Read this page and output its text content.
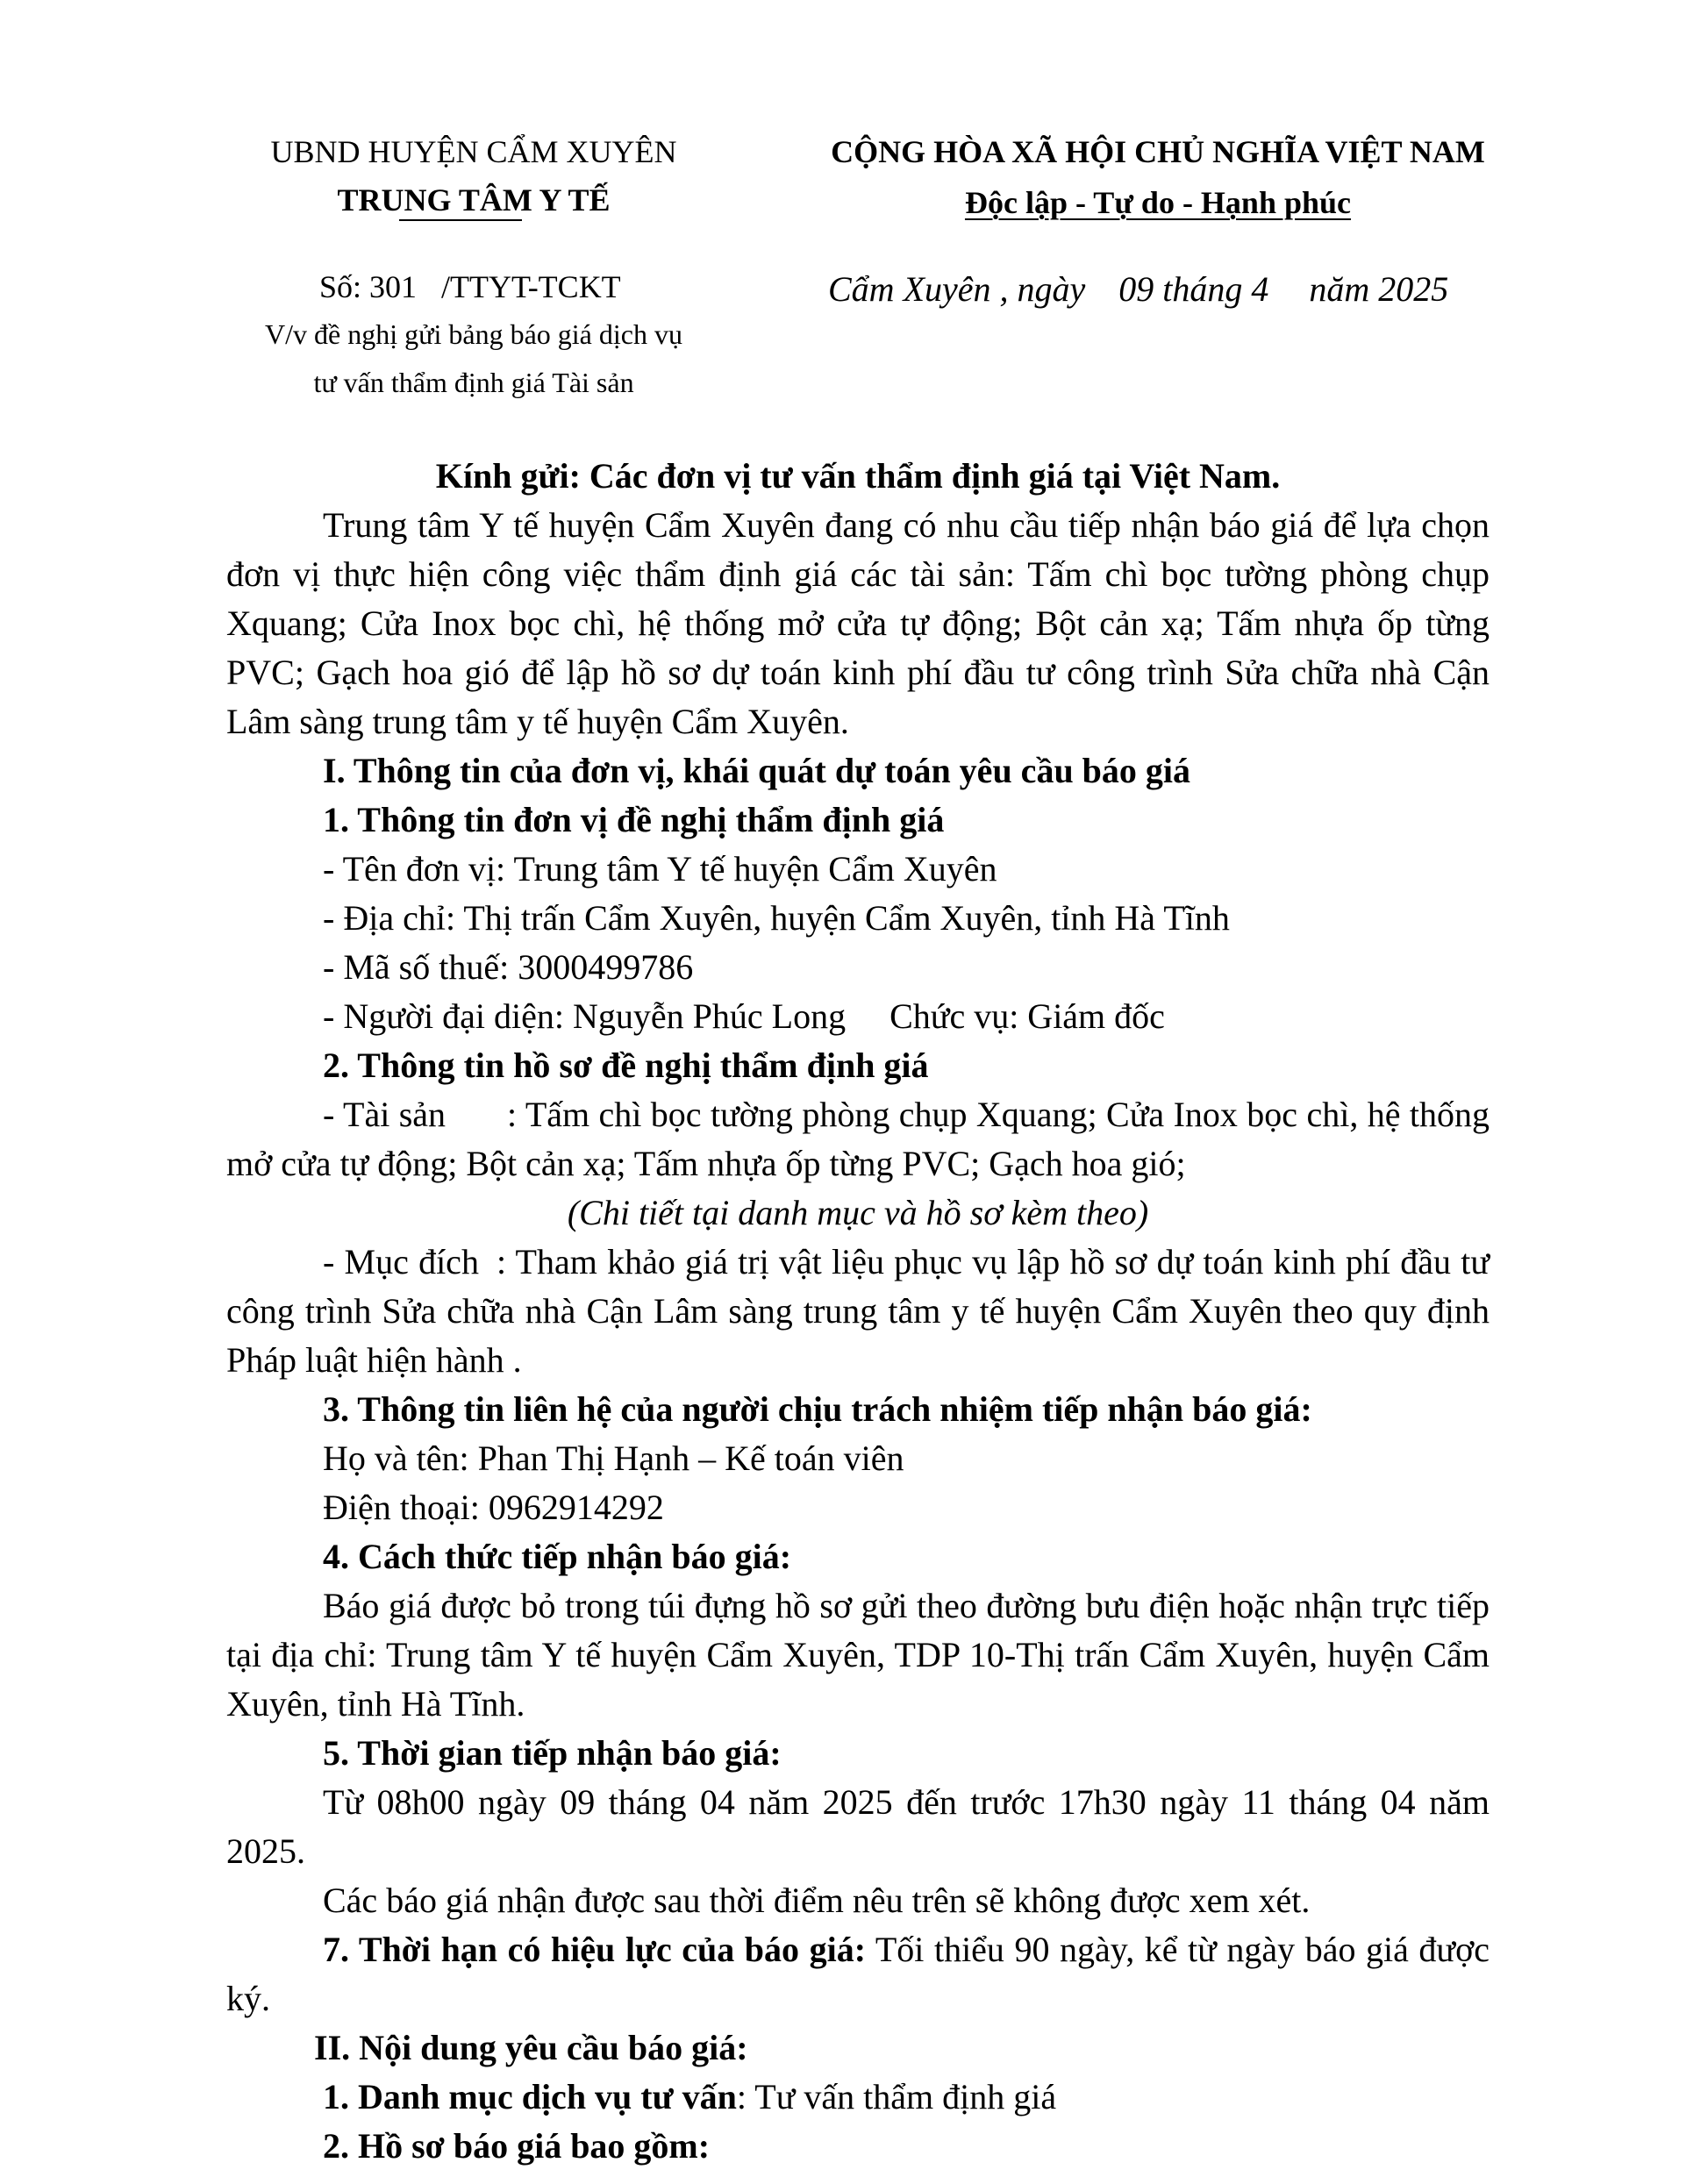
UBND HUYỆN CẨM XUYÊN
TRUNG TÂM Y TẾ
CỘNG HÒA XÃ HỘI CHỦ NGHĨA VIỆT NAM
Độc lập - Tự do - Hạnh phúc
Số: 301 /TTYT-TCKT
V/v đề nghị gửi bảng báo giá dịch vụ
tư vấn thẩm định giá Tài sản
Cẩm Xuyên , ngày 09 tháng 4 năm 2025
Kính gửi: Các đơn vị tư vấn thẩm định giá tại Việt Nam.
Trung tâm Y tế huyện Cẩm Xuyên đang có nhu cầu tiếp nhận báo giá để lựa chọn đơn vị thực hiện công việc thẩm định giá các tài sản: Tấm chì bọc tường phòng chụp Xquang; Cửa Inox bọc chì, hệ thống mở cửa tự động; Bột cản xạ; Tấm nhựa ốp từng PVC; Gạch hoa gió để lập hồ sơ dự toán kinh phí đầu tư công trình Sửa chữa nhà Cận Lâm sàng trung tâm y tế huyện Cẩm Xuyên.
I. Thông tin của đơn vị, khái quát dự toán yêu cầu báo giá
1. Thông tin đơn vị đề nghị thẩm định giá
- Tên đơn vị: Trung tâm Y tế huyện Cẩm Xuyên
- Địa chỉ: Thị trấn Cẩm Xuyên, huyện Cẩm Xuyên, tỉnh Hà Tĩnh
- Mã số thuế: 3000499786
- Người đại diện: Nguyễn Phúc Long Chức vụ: Giám đốc
2. Thông tin hồ sơ đề nghị thẩm định giá
- Tài sản : Tấm chì bọc tường phòng chụp Xquang; Cửa Inox bọc chì, hệ thống mở cửa tự động; Bột cản xạ; Tấm nhựa ốp từng PVC; Gạch hoa gió;
(Chi tiết tại danh mục và hồ sơ kèm theo)
- Mục đích : Tham khảo giá trị vật liệu phục vụ lập hồ sơ dự toán kinh phí đầu tư công trình Sửa chữa nhà Cận Lâm sàng trung tâm y tế huyện Cẩm Xuyên theo quy định Pháp luật hiện hành .
3. Thông tin liên hệ của người chịu trách nhiệm tiếp nhận báo giá:
Họ và tên: Phan Thị Hạnh – Kế toán viên
Điện thoại: 0962914292
4. Cách thức tiếp nhận báo giá:
Báo giá được bỏ trong túi đựng hồ sơ gửi theo đường bưu điện hoặc nhận trực tiếp tại địa chỉ: Trung tâm Y tế huyện Cẩm Xuyên, TDP 10-Thị trấn Cẩm Xuyên, huyện Cẩm Xuyên, tỉnh Hà Tĩnh.
5. Thời gian tiếp nhận báo giá:
Từ 08h00 ngày 09 tháng 04 năm 2025 đến trước 17h30 ngày 11 tháng 04 năm 2025.
Các báo giá nhận được sau thời điểm nêu trên sẽ không được xem xét.
7. Thời hạn có hiệu lực của báo giá: Tối thiểu 90 ngày, kể từ ngày báo giá được ký.
II. Nội dung yêu cầu báo giá:
1. Danh mục dịch vụ tư vấn: Tư vấn thẩm định giá
2. Hồ sơ báo giá bao gồm:
